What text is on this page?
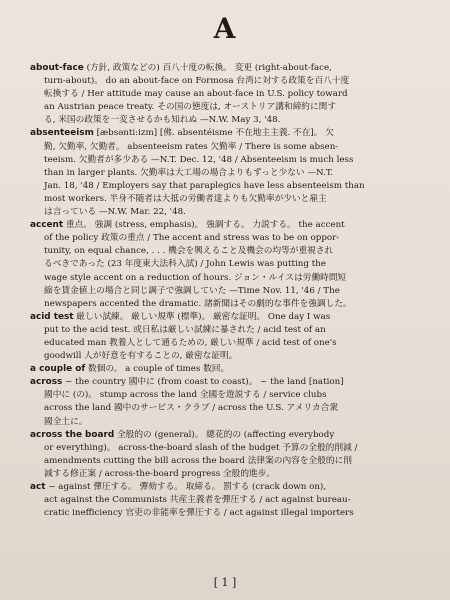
A
about-face (方針, 政策などの) 百八十度の転換。 変更 (right-about-face,
turn-about)。 do an about-face on Formosa 台湾に対する政策を百八十度
転換する / Her attitude may cause an about-face in U.S. policy toward
an Austrian peace treaty. その国の態度は, オーストリア講和締約に関す
る, 米国の政策を一変させるかも知れぬ —N.W. May 3, '48.
absenteeism [æbsənti:izm] [佛. absentéisme 不在地主主義. 不在]。 欠
勤, 欠勤率, 欠勤者。 absenteeism rates 欠勤率 / There is some absen-
teeism. 欠勤者が多少ある —N.T. Dec. 12, '48 / Absenteeism is much less
than in larger plants. 欠勤率は大工場の場合よりもずっと少ない —N.T.
Jan. 18, '48 / Employers say that paraplegics have less absenteeism than
most workers. 半身不随者は大抵の労働者達よりも欠勤率が少いと雇主
は言っている —N.W. Mar. 22, '48.
accent 重点。 強調 (stress, emphasis)。 強調する。 力説する。 the accent
of the policy 政策の重点 / The accent and stress was to be on oppor-
tunity, on equal chance, . . . 機会を興えること及機会の均等が重視され
るべきであった (23 年度東大法科入試) / John Lewis was putting the
wage style accent on a reduction of hours. ジョン・ルイスは労働時間短
縮を賃金値上の場合と同じ調子で強調していた —Time Nov. 11, '46 / The
newspapers accented the dramatic. 諸新聞はその劇的な事件を強調した。
acid test 厳しい試練。 厳しい規準 (標準)。 厳密な証明。 One day I was
put to the acid test. 或日私は厳しい試練に暴された / acid test of an
educated man 教養人として通るための, 厳しい規準 / acid test of one's
goodwill 人が好意を有することの, 厳密な証明。
a couple of 数個の。 a couple of times 数回。
across ~ the country 國中に (from coast to coast)。 ~ the land [nation]
國中に (の)。 stump across the land 全國を遊説する / service clubs
across the land 國中のサービス・クラブ / across the U.S. アメリカ合衆
國全土に。
across the board 全般的の (general)。 總花的の (affecting everybody
or everything)。 across-the-board slash of the budget 予算の全般的削減 /
amendments cutting the bill across the board 法律案の內容を全般的に削
減する修正案 / across-the-board progress 全般的進步。
act ~ against 彈圧する。 彈劾する。 取締る。 罰する (crack down on),
act against the Communists 共産主義者を彈圧する / act against bureau-
cratic inefficiency 官吏の非能率を彈圧する / act against illegal importers
[ 1 ]
